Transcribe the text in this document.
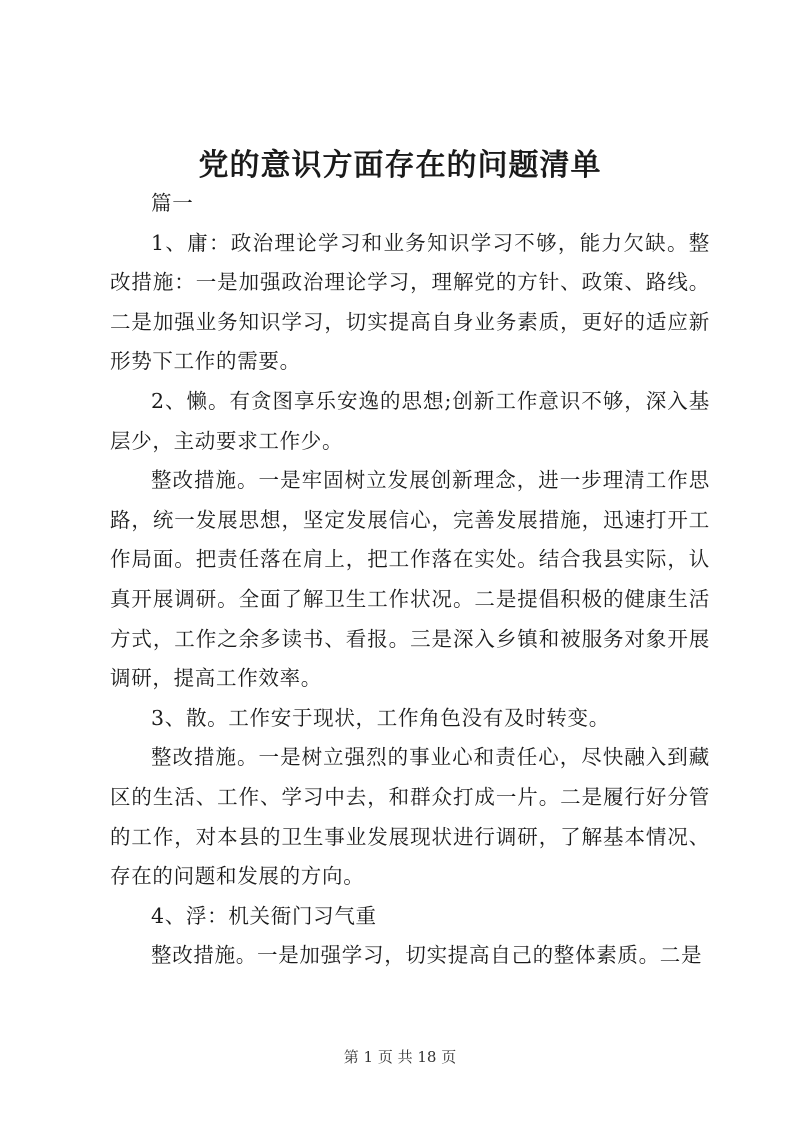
党的意识方面存在的问题清单

篇一

1、庸：政治理论学习和业务知识学习不够，能力欠缺。整改措施：一是加强政治理论学习，理解党的方针、政策、路线。二是加强业务知识学习，切实提高自身业务素质，更好的适应新形势下工作的需要。

2、懒。有贪图享乐安逸的思想;创新工作意识不够，深入基层少，主动要求工作少。

整改措施。一是牢固树立发展创新理念，进一步理清工作思路，统一发展思想，坚定发展信心，完善发展措施，迅速打开工作局面。把责任落在肩上，把工作落在实处。结合我县实际，认真开展调研。全面了解卫生工作状况。二是提倡积极的健康生活方式，工作之余多读书、看报。三是深入乡镇和被服务对象开展调研，提高工作效率。

3、散。工作安于现状，工作角色没有及时转变。

整改措施。一是树立强烈的事业心和责任心，尽快融入到藏区的生活、工作、学习中去，和群众打成一片。二是履行好分管的工作，对本县的卫生事业发展现状进行调研，了解基本情况、存在的问题和发展的方向。

4、浮：机关衙门习气重

整改措施。一是加强学习，切实提高自己的整体素质。二是

第 1 页 共 18 页
